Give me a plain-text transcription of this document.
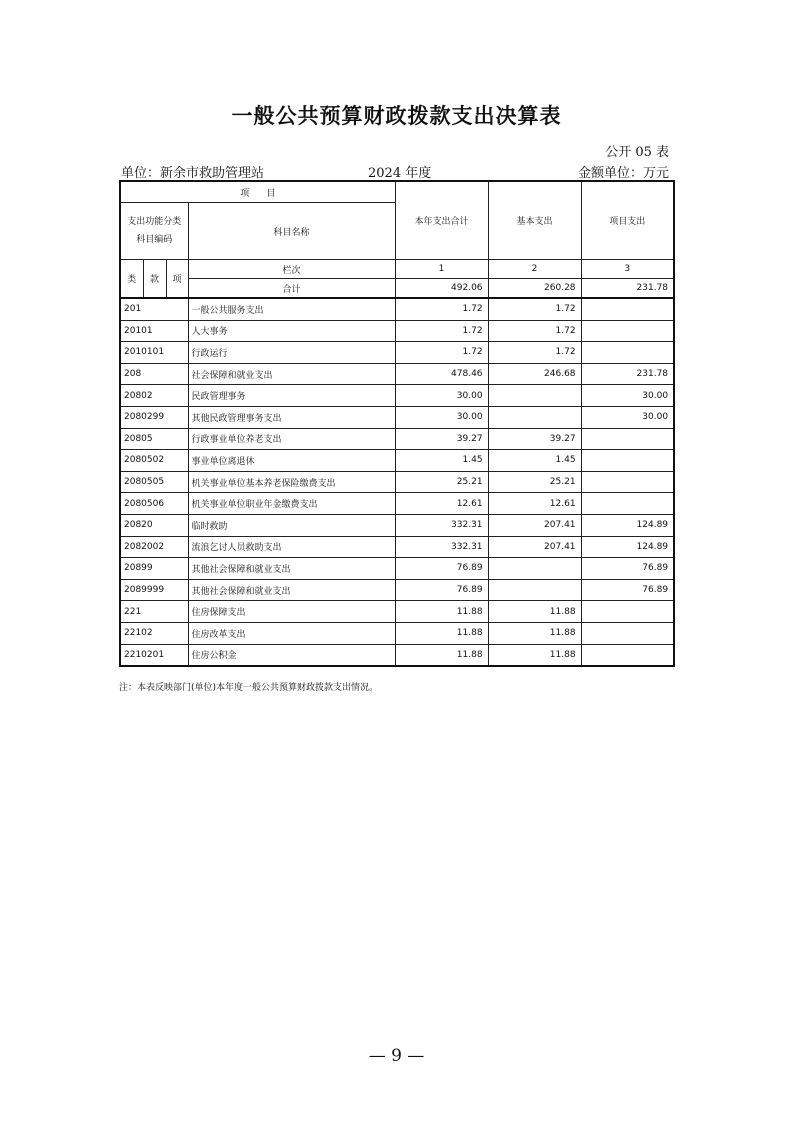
一般公共预算财政拨款支出决算表
公开 05 表
单位：新余市救助管理站	2024 年度	金额单位：万元
项      目				本年支出合计	基本支出	项目支出
支出功能分类
科目编码			科目名称			
类	款	项	栏次	1	2	3
			合计	492.06	260.28	231.78
201			一般公共服务支出	1.72	1.72	
20101			人大事务	1.72	1.72	
2010101			行政运行	1.72	1.72	
208			社会保障和就业支出	478.46	246.68	231.78
20802			民政管理事务	30.00		30.00
2080299			其他民政管理事务支出	30.00		30.00
20805			行政事业单位养老支出	39.27	39.27	
2080502			事业单位离退休	1.45	1.45	
2080505			机关事业单位基本养老保险缴费支出	25.21	25.21	
2080506			机关事业单位职业年金缴费支出	12.61	12.61	
20820			临时救助	332.31	207.41	124.89
2082002			流浪乞讨人员救助支出	332.31	207.41	124.89
20899			其他社会保障和就业支出	76.89		76.89
2089999			其他社会保障和就业支出	76.89		76.89
221			住房保障支出	11.88	11.88	
22102			住房改革支出	11.88	11.88	
2210201			住房公积金	11.88	11.88	
注：本表反映部门(单位)本年度一般公共预算财政拨款支出情况。
— 9 —
